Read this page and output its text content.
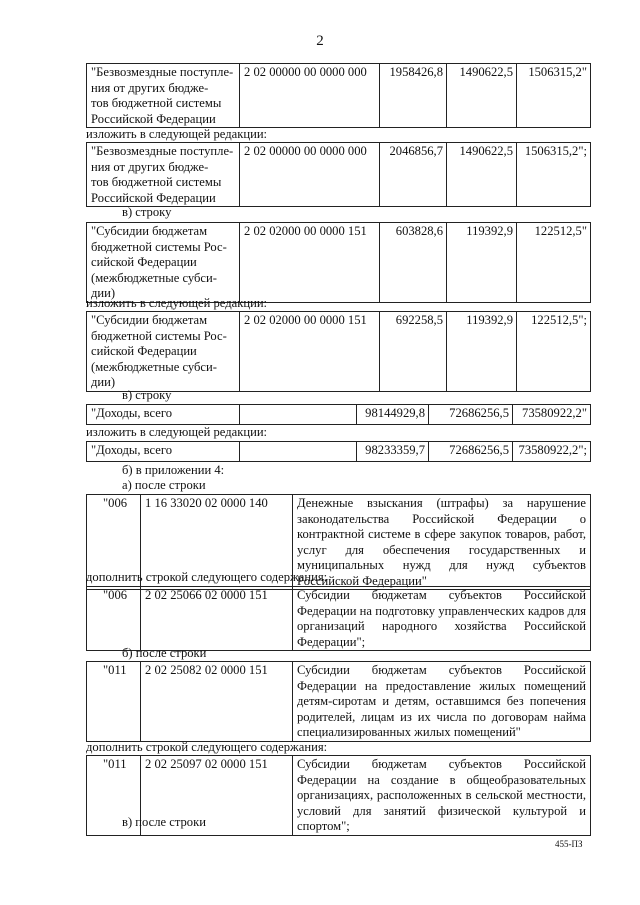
2
"Безвозмездные поступле-
ния от других бюдже-
тов бюджетной системы
Российской Федерации	2 02 00000 00 0000 000	1958426,8	1490622,5	1506315,2"
изложить в следующей редакции:
"Безвозмездные поступле-
ния от других бюдже-
тов бюджетной системы
Российской Федерации	2 02 00000 00 0000 000	2046856,7	1490622,5	1506315,2";
в) строку
"Субсидии бюджетам
бюджетной системы Рос-
сийской Федерации
(межбюджетные субси-
дии)	2 02 02000 00 0000 151	603828,6	119392,9	122512,5"
изложить в следующей редакции:
"Субсидии бюджетам
бюджетной системы Рос-
сийской Федерации
(межбюджетные субси-
дии)	2 02 02000 00 0000 151	692258,5	119392,9	122512,5";
в) строку
"Доходы, всего		98144929,8	72686256,5	73580922,2"
изложить в следующей редакции:
"Доходы, всего		98233359,7	72686256,5	73580922,2";
б) в приложении 4:
а) после строки
"006	1 16 33020 02 0000 140	Денежные взыскания (штрафы) за нарушение законодательства Российской Федерации о контрактной системе в сфере закупок товаров, работ, услуг для обеспечения государственных и муниципальных нужд для нужд субъектов Российской Федерации"
дополнить строкой следующего содержания:
"006	2 02 25066 02 0000 151	Субсидии бюджетам субъектов Российской Федерации на подготовку управленческих кадров для организаций народного хозяйства Российской Федерации";
б) после строки
"011	2 02 25082 02 0000 151	Субсидии бюджетам субъектов Российской Федерации на предоставление жилых помещений детям-сиротам и детям, оставшимся без попечения родителей, лицам из их числа по договорам найма специализированных жилых помещений"
дополнить строкой следующего содержания:
"011	2 02 25097 02 0000 151	Субсидии бюджетам субъектов Российской Федерации на создание в общеобразовательных организациях, расположенных в сельской местности, условий для занятий физической культурой и спортом";
в) после строки
455-ПЗ
